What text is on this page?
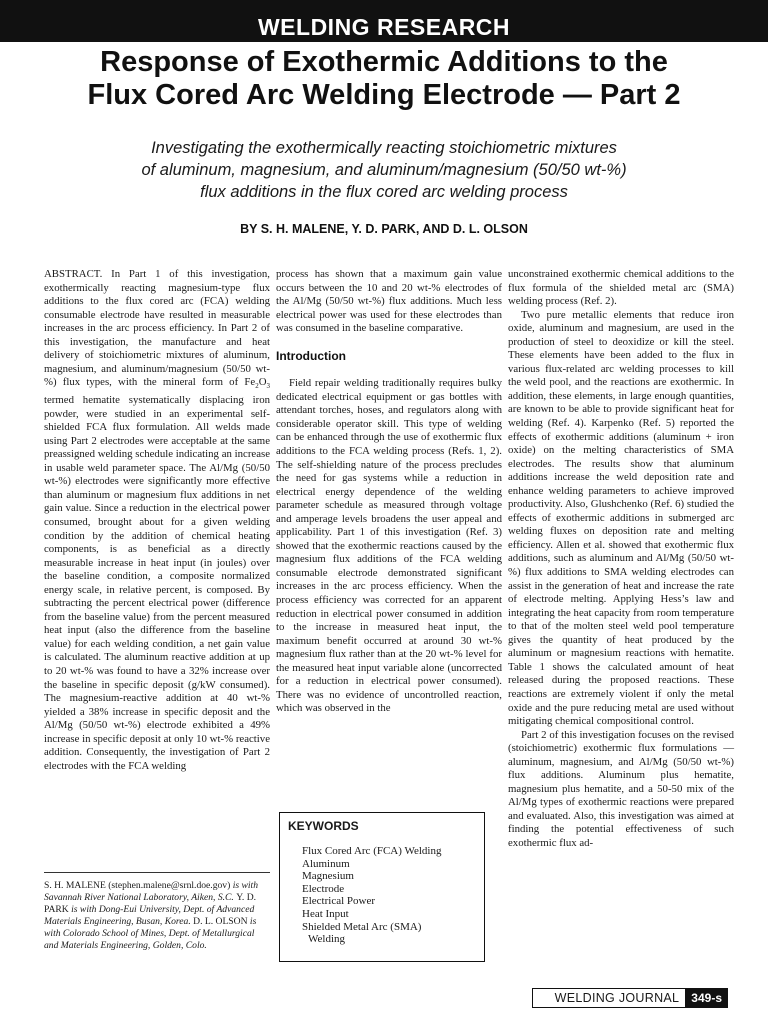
WELDING RESEARCH
Response of Exothermic Additions to the
Flux Cored Arc Welding Electrode — Part 2
Investigating the exothermically reacting stoichiometric mixtures
of aluminum, magnesium, and aluminum/magnesium (50/50 wt-%)
flux additions in the flux cored arc welding process
BY S. H. MALENE, Y. D. PARK, AND D. L. OLSON

ABSTRACT. In Part 1 of this investigation, exothermically reacting magnesium-type flux additions to the flux cored arc (FCA) welding consumable electrode have resulted in measurable increases in the arc process efficiency. In Part 2 of this investigation, the manufacture and heat delivery of stoichiometric mixtures of aluminum, magnesium, and aluminum/magnesium (50/50 wt-%) flux types, with the mineral form of $Fe_2O_3$ termed hematite systematically displacing iron powder, were studied in an experimental self-shielded FCA flux formulation. All welds made using Part 2 electrodes were acceptable at the same preassigned welding schedule indicating an increase in usable weld parameter space. The Al/Mg (50/50 wt-%) electrodes were significantly more effective than aluminum or magnesium flux additions in net gain value. Since a reduction in the electrical power consumed, brought about for a given welding condition by the addition of chemical heating components, is as beneficial as a directly measurable increase in heat input (in joules) over the baseline condition, a composite normalized energy scale, in relative percent, is composed. By subtracting the percent electrical power (difference from the baseline value) from the percent measured heat input (also the difference from the baseline value) for each welding condition, a net gain value is calculated. The aluminum reactive addition at up to 20 wt-% was found to have a 32% increase over the baseline in specific deposit (g/kW consumed). The magnesium-reactive addition at 40 wt-% yielded a 38% increase in specific deposit and the Al/Mg (50/50 wt-%) electrode exhibited a 49% increase in specific deposit at only 10 wt-% reactive addition. Consequently, the investigation of Part 2 electrodes with the FCA welding

S. H. MALENE (stephen.malene@srnl.doe.gov) is with Savannah River National Laboratory, Aiken, S.C. Y. D. PARK is with Dong-Eui University, Dept. of Advanced Materials Engineering, Busan, Korea. D. L. OLSON is with Colorado School of Mines, Dept. of Metallurgical and Materials Engineering, Golden, Colo.

process has shown that a maximum gain value occurs between the 10 and 20 wt-% electrodes of the Al/Mg (50/50 wt-%) flux additions. Much less electrical power was used for these electrodes than was consumed in the baseline comparative.

Introduction

Field repair welding traditionally requires bulky dedicated electrical equipment or gas bottles with attendant torches, hoses, and regulators along with considerable operator skill. This type of welding can be enhanced through the use of exothermic flux additions to the FCA welding process (Refs. 1, 2). The self-shielding nature of the process precludes the need for gas systems while a reduction in electrical energy dependence of the welding parameter schedule as measured through voltage and amperage levels broadens the user appeal and applicability. Part 1 of this investigation (Ref. 3) showed that the exothermic reactions caused by the magnesium flux additions of the FCA welding consumable electrode demonstrated significant increases in the arc process efficiency. When the process efficiency was corrected for an apparent reduction in electrical power consumed in addition to the increase in measured heat input, the maximum benefit occurred at around 30 wt-% magnesium flux rather than at the 20 wt-% level for the measured heat input variable alone (uncorrected for a reduction in electrical power consumed). There was no evidence of uncontrolled reaction, which was observed in the

KEYWORDS
Flux Cored Arc (FCA) Welding
Aluminum
Magnesium
Electrode
Electrical Power
Heat Input
Shielded Metal Arc (SMA)
Welding

unconstrained exothermic chemical additions to the flux formula of the shielded metal arc (SMA) welding process (Ref. 2).

Two pure metallic elements that reduce iron oxide, aluminum and magnesium, are used in the production of steel to deoxidize or kill the steel. These elements have been added to the flux in various flux-related arc welding processes to kill the weld pool, and the reactions are exothermic. In addition, these elements, in large enough quantities, are known to be able to provide significant heat for welding (Ref. 4). Karpenko (Ref. 5) reported the effects of exothermic additions (aluminum + iron oxide) on the melting characteristics of SMA electrodes. The results show that aluminum additions increase the weld deposition rate and enhance welding parameters to achieve improved productivity. Also, Glushchenko (Ref. 6) studied the effects of exothermic additions in submerged arc welding fluxes on deposition rate and melting efficiency. Allen et al. showed that exothermic flux additions, such as aluminum and Al/Mg (50/50 wt-%) flux additions to SMA welding electrodes can assist in the generation of heat and increase the rate of electrode melting. Applying Hess’s law and integrating the heat capacity from room temperature to that of the molten steel weld pool temperature gives the quantity of heat produced by the aluminum or magnesium reactions with hematite. Table 1 shows the calculated amount of heat released during the proposed reactions. These reactions are extremely violent if only the metal oxide and the pure reducing metal are used without mitigating chemical compositional control.

Part 2 of this investigation focuses on the revised (stoichiometric) exothermic flux formulations — aluminum, magnesium, and Al/Mg (50/50 wt-%) flux additions. Aluminum plus hematite, magnesium plus hematite, and a 50-50 mix of the Al/Mg types of exothermic reactions were prepared and evaluated. Also, this investigation was aimed at finding the potential effectiveness of such exothermic flux ad-

WELDING JOURNAL	349-s
